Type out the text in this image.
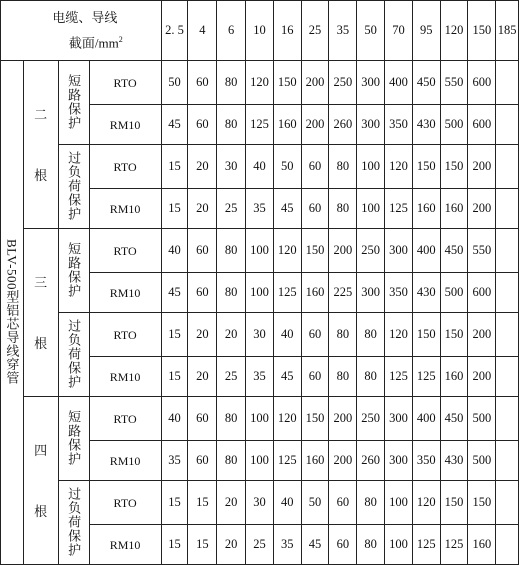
电缆、导线
截面$/mm^2$				2. 5	4	6	10	16	25	35	50	70	95	120	150	185
BLV-500型铝芯导线穿管	二
根	短路保护	RTO	50	60	80	120	150	200	250	300	400	450	550	600	
			RM10	45	60	80	125	160	200	260	300	350	430	500	600	
		过负荷保护	RTO	15	20	30	40	50	60	80	100	120	150	150	200	
			RM10	15	20	25	35	45	60	80	100	125	160	160	200	

	三
根	短路保护	RTO	40	60	80	100	120	150	200	250	300	400	450	550	
			RM10	45	60	80	100	125	160	225	300	350	430	500	600	
		过负荷保护	RTO	15	20	20	30	40	60	80	80	120	150	150	200	
			RM10	15	20	25	35	45	60	80	80	125	125	160	200	

	四
根	短路保护	RTO	40	60	80	100	120	150	200	250	300	400	450	500	
			RM10	35	60	80	100	125	160	200	260	300	350	430	500	
		过负荷保护	RTO	15	15	20	30	40	50	60	80	100	120	150	150	
			RM10	15	15	20	25	35	45	60	80	100	125	125	160	
